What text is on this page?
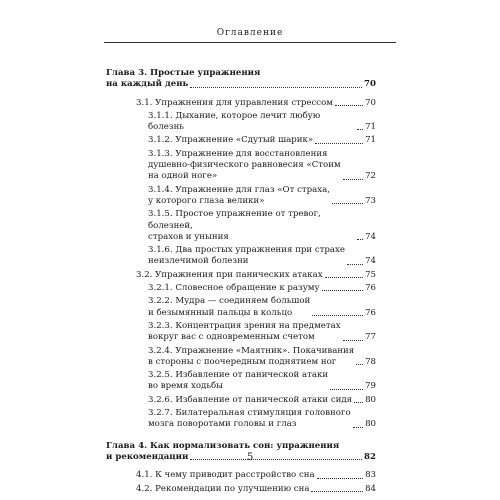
Оглавление
Глава 3. Простые упражнения
на каждый день	70
3.1. Упражнения для управления стрессом	70
3.1.1. Дыхание, которое лечит любую болезнь	71
3.1.2. Упражнение «Сдутый шарик»	71
3.1.3. Упражнение для восстановления
душевно-физического равновесия «Стоим
на одной ноге»	72
3.1.4. Упражнение для глаз «От страха,
у которого глаза велики»	73
3.1.5. Простое упражнение от тревог, болезней,
страхов и уныния	74
3.1.6. Два простых упражнения при страхе
неизлечимой болезни	74
3.2. Упражнения при панических атаках	75
3.2.1. Словесное обращение к разуму	76
3.2.2. Мудра — соединяем большой
и безымянный пальцы в кольцо	76
3.2.3. Концентрация зрения на предметах
вокруг вас с одновременным счетом	77
3.2.4. Упражнение «Маятник». Покачивания
в стороны с поочередным поднятием ног	78
3.2.5. Избавление от панической атаки
во время ходьбы	79
3.2.6. Избавление от панической атаки сидя 80
3.2.7. Билатеральная стимуляция головного
мозга поворотами головы и глаз	80
Глава 4. Как нормализовать сон: упражнения
и рекомендации	82
4.1. К чему приводит расстройство сна	83
4.2. Рекомендации по улучшению сна	84
5
